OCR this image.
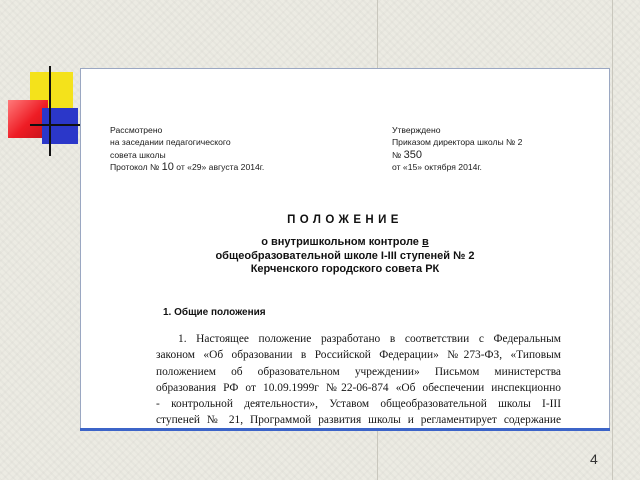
Рассмотрено
на заседании педагогического
совета школы
Протокол № 10 от «29» августа 2014г.
Утверждено
Приказом директора школы № 2
№ 350
от «15» октября 2014г.
ПОЛОЖЕНИЕ
о внутришкольном контроле в
общеобразовательной школе I-III ступеней № 2
Керченского городского совета РК
1. Общие положения
1. Настоящее положение разработано в соответствии с Федеральным
законом «Об образовании в Российской Федерации» №273-ФЗ, «Типовым
положением об образовательном учреждении» Письмом министерства
образования РФ от 10.09.1999г №22-06-874 «Об обеспечении инспекционно
- контрольной деятельности», Уставом общеобразовательной школы I-III
ступеней № 21, Программой развития школы и регламентирует содержание
4
